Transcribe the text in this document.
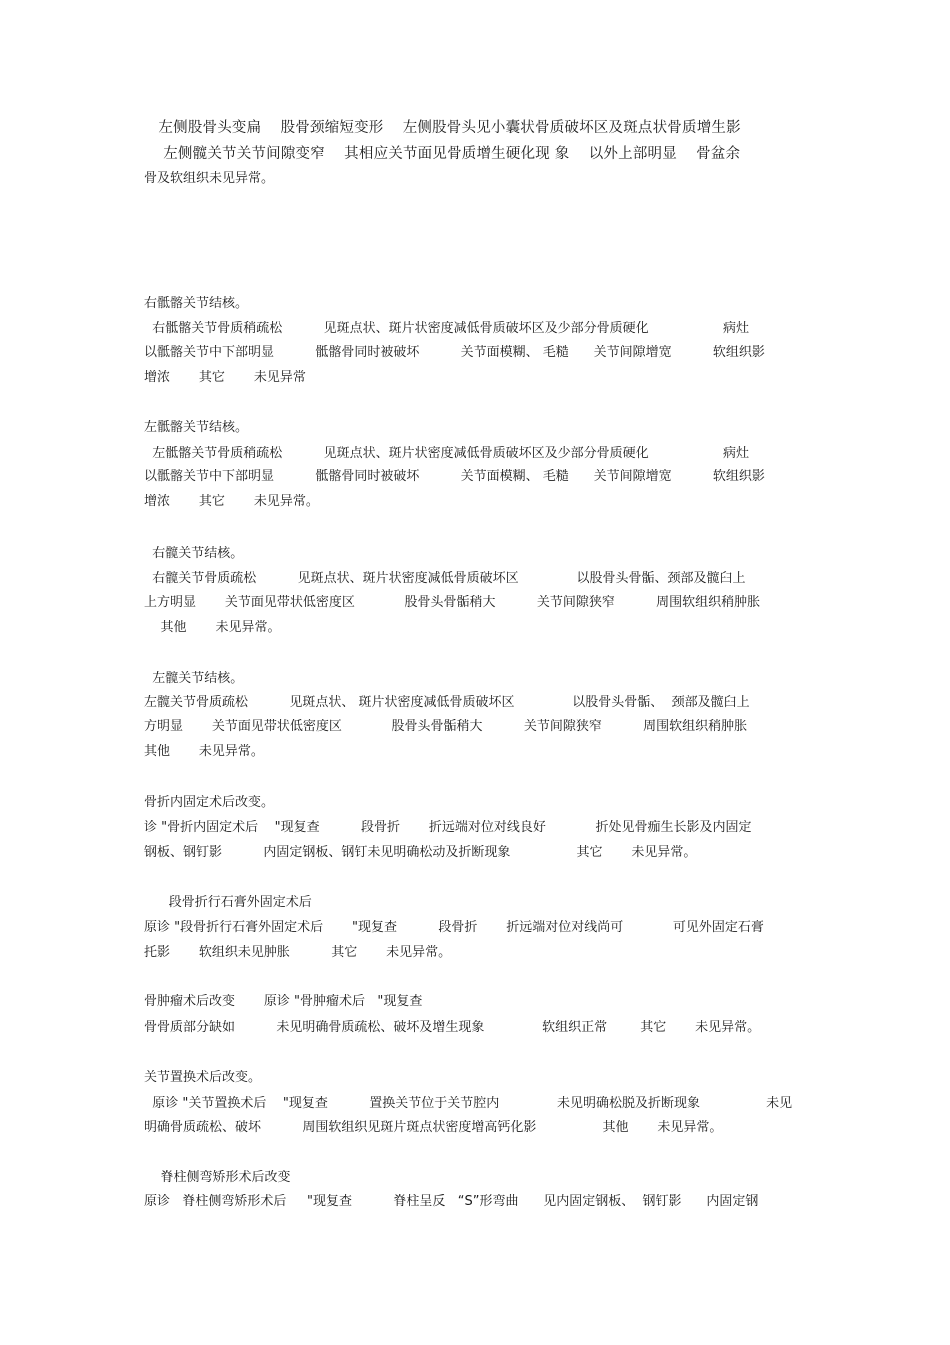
左侧股骨头变扁    股骨颈缩短变形    左侧股骨头见小囊状骨质破坏区及斑点状骨质增生影
左侧髋关节关节间隙变窄    其相应关节面见骨质增生硬化现 象    以外上部明显    骨盆余
骨及软组织未见异常。
右骶髂关节结核。
右骶髂关节骨质稍疏松          见斑点状、斑片状密度减低骨质破坏区及少部分骨质硬化                  病灶
以骶髂关节中下部明显          骶髂骨同时被破坏          关节面模糊、 毛糙      关节间隙增宽          软组织影
增浓       其它       未见异常
左骶髂关节结核。
左骶髂关节骨质稍疏松          见斑点状、斑片状密度减低骨质破坏区及少部分骨质硬化                  病灶
以骶髂关节中下部明显          骶髂骨同时被破坏          关节面模糊、 毛糙      关节间隙增宽          软组织影
增浓       其它       未见异常。
右髋关节结核。
右髋关节骨质疏松          见斑点状、斑片状密度减低骨质破坏区              以股骨头骨骺、颈部及髋臼上
上方明显       关节面见带状低密度区            股骨头骨骺稍大          关节间隙狭窄          周围软组织稍肿胀
其他       未见异常。
左髋关节结核。
左髋关节骨质疏松          见斑点状、 斑片状密度减低骨质破坏区              以股骨头骨骺、  颈部及髋臼上
方明显       关节面见带状低密度区            股骨头骨骺稍大          关节间隙狭窄          周围软组织稍肿胀
其他       未见异常。
骨折内固定术后改变。
诊 "骨折内固定术后    "现复查          段骨折       折远端对位对线良好            折处见骨痂生长影及内固定
钢板、钢钉影          内固定钢板、钢钉未见明确松动及折断现象                其它       未见异常。
段骨折行石膏外固定术后
原诊 "段骨折行石膏外固定术后       "现复查          段骨折       折远端对位对线尚可            可见外固定石膏
托影       软组织未见肿胀          其它       未见异常。
骨肿瘤术后改变       原诊 "骨肿瘤术后   "现复查
骨骨质部分缺如          未见明确骨质疏松、破坏及增生现象              软组织正常        其它       未见异常。
关节置换术后改变。
原诊 "关节置换术后    "现复查          置换关节位于关节腔内              未见明确松脱及折断现象                未见
明确骨质疏松、破坏          周围软组织见斑片斑点状密度增高钙化影                其他       未见异常。
脊柱侧弯矫形术后改变
原诊   脊柱侧弯矫形术后     "现复查          脊柱呈反   “S”形弯曲      见内固定钢板、  钢钉影      内固定钢
